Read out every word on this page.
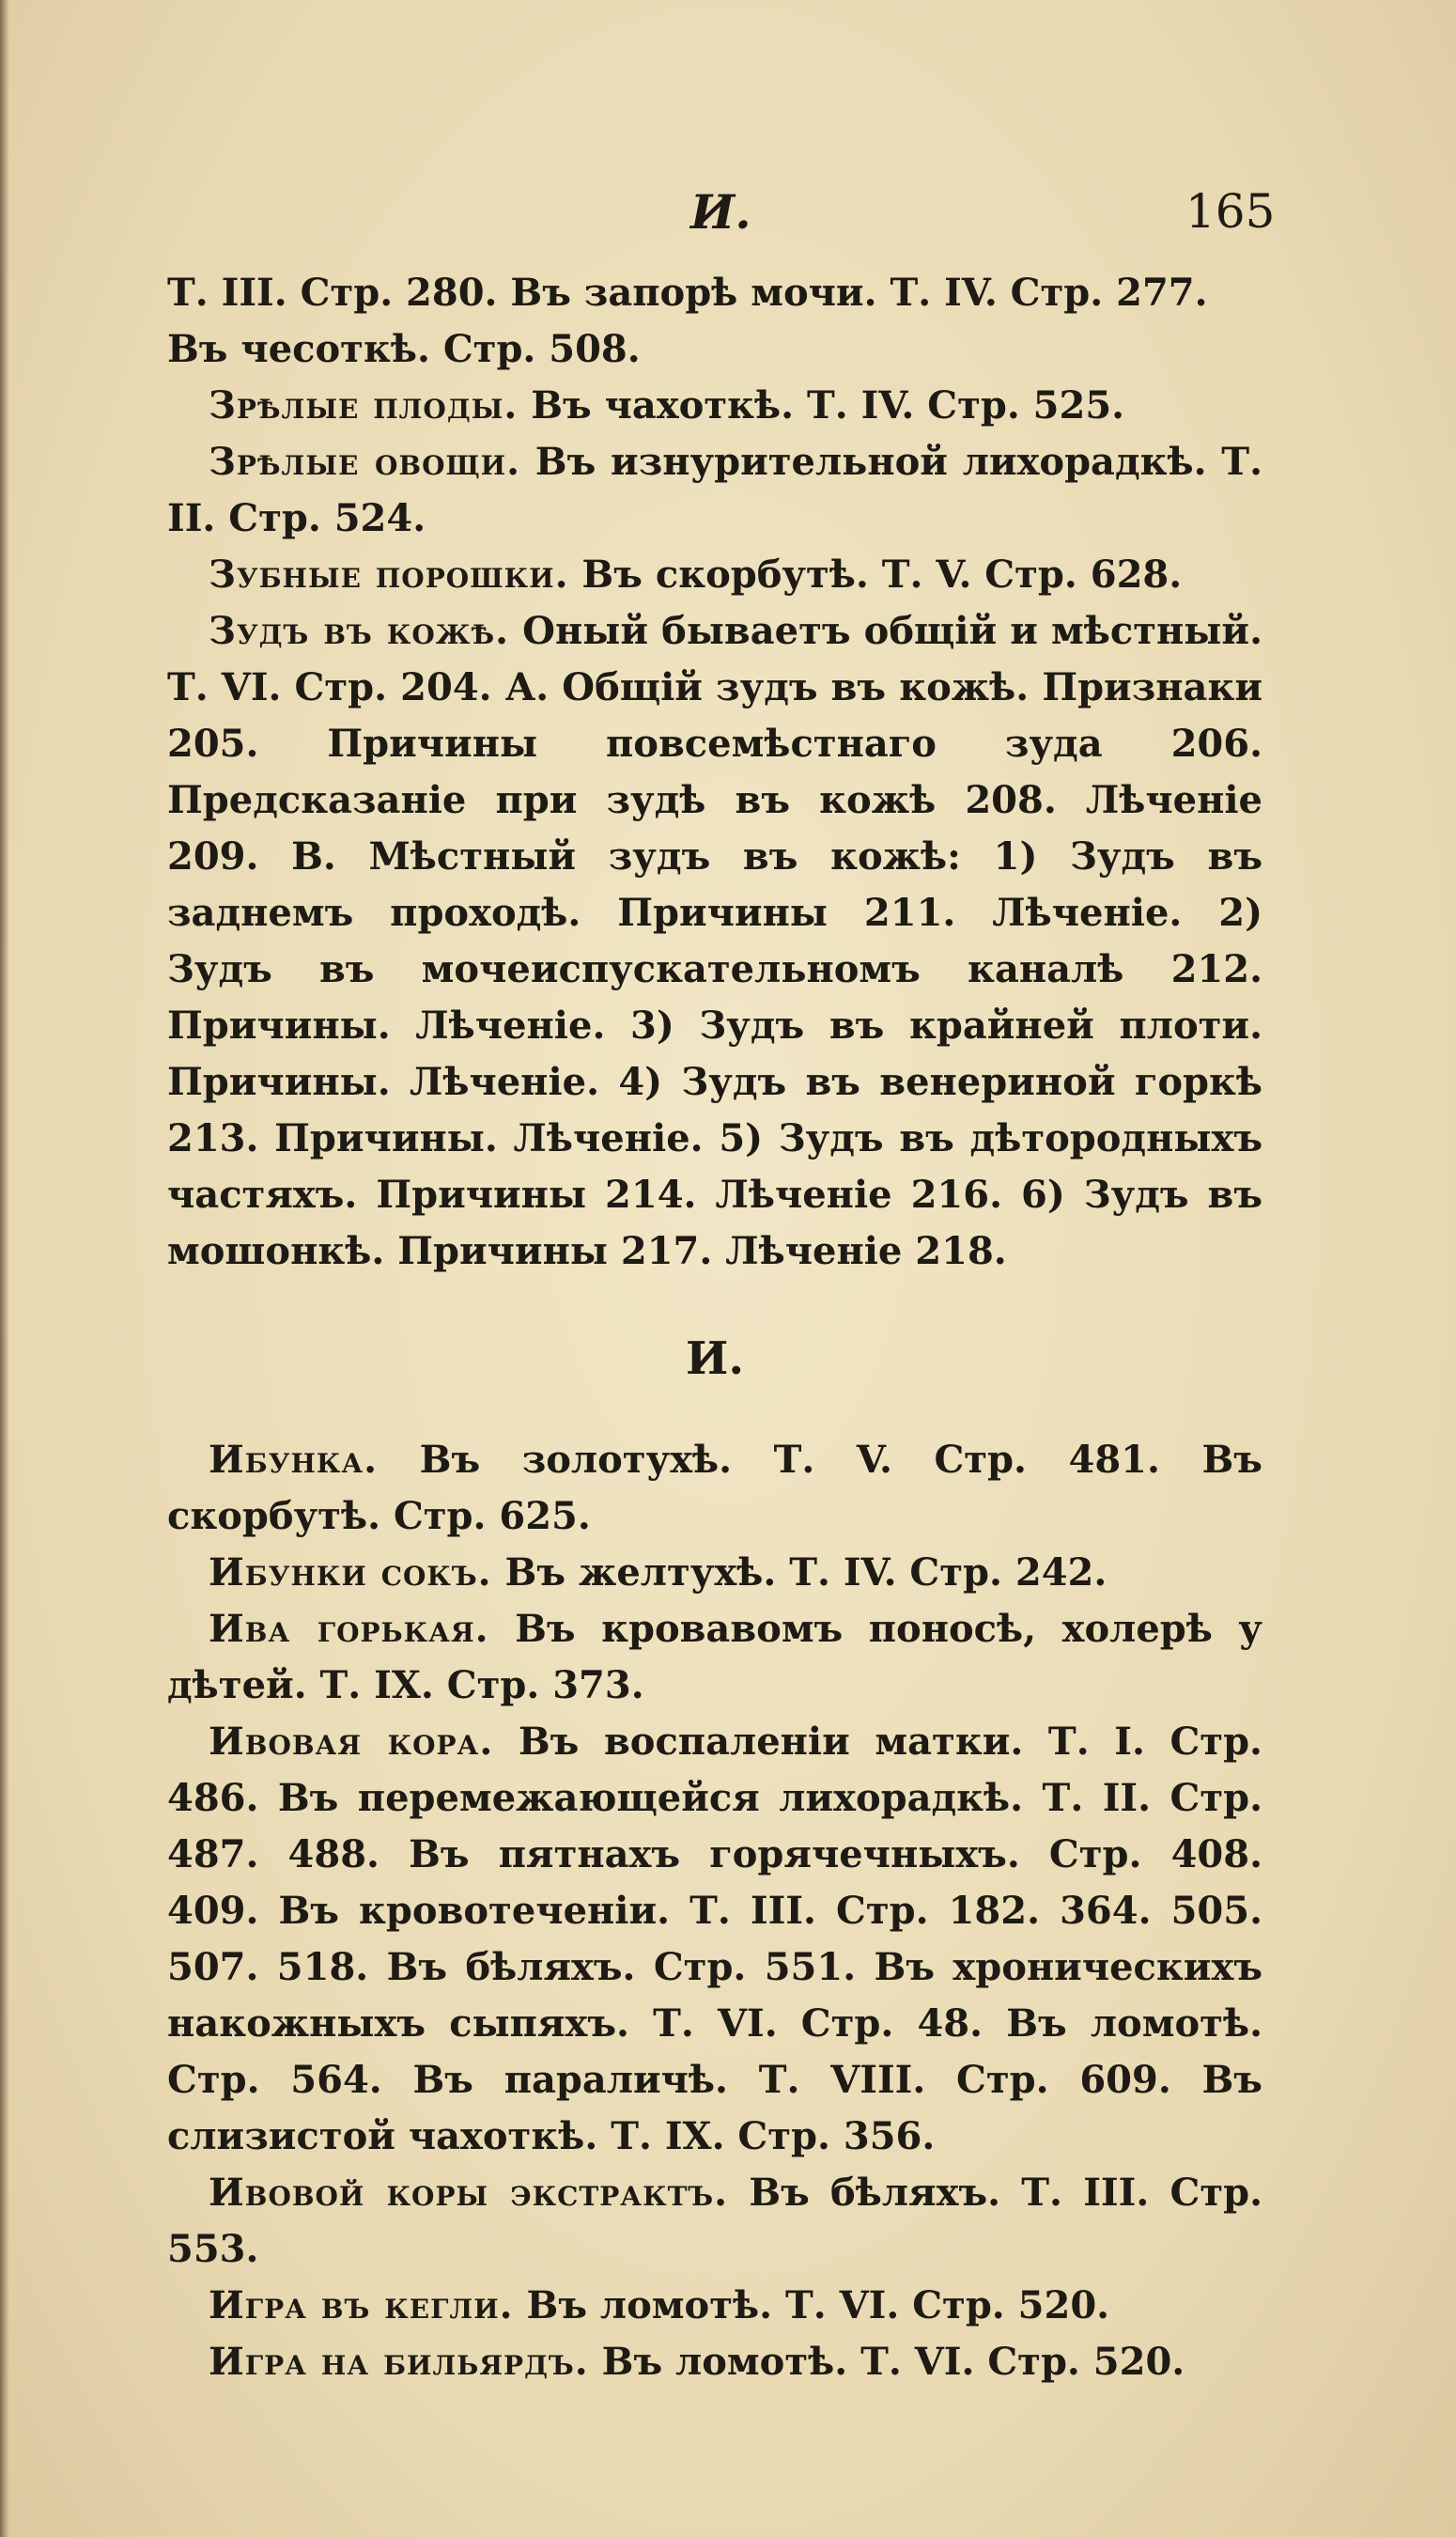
И.	165

Т. III. Стр. 280. Въ запорѣ мочи. Т. IV. Стр. 277.

Въ чесоткѣ. Стр. 508.

Зрѣлые плоды. Въ чахоткѣ. Т. IV. Стр. 525.

Зрѣлые овощи. Въ изнурительной лихорадкѣ. Т. II. Стр. 524.

Зубные порошки. Въ скорбутѣ. Т. V. Стр. 628.

Зудъ въ кожѣ. Оный бываетъ общій и мѣстный. Т. VI. Стр. 204. А. Общій зудъ въ кожѣ. Признаки 205. Причины повсемѣстнаго зуда 206. Предсказаніе при зудѣ въ кожѣ 208. Лѣченіе 209. В. Мѣстный зудъ въ кожѣ: 1) Зудъ въ заднемъ проходѣ. Причины 211. Лѣченіе. 2) Зудъ въ мочеиспускательномъ каналѣ 212. Причины. Лѣченіе. 3) Зудъ въ крайней плоти. Причины. Лѣченіе. 4) Зудъ въ венериной горкѣ 213. Причины. Лѣченіе. 5) Зудъ въ дѣтородныхъ частяхъ. Причины 214. Лѣченіе 216. 6) Зудъ въ мошонкѣ. Причины 217. Лѣченіе 218.

И.

Ибунка. Въ золотухѣ. Т. V. Стр. 481. Въ скорбутѣ. Стр. 625.

Ибунки сокъ. Въ желтухѣ. Т. IV. Стр. 242.

Ива горькая. Въ кровавомъ поносѣ, холерѣ у дѣтей. Т. IX. Стр. 373.

Ивовая кора. Въ воспаленіи матки. Т. I. Стр. 486. Въ перемежающейся лихорадкѣ. Т. II. Стр. 487. 488. Въ пятнахъ горячечныхъ. Стр. 408. 409. Въ кровотеченіи. Т. III. Стр. 182. 364. 505. 507. 518. Въ бѣляхъ. Стр. 551. Въ хроническихъ накожныхъ сыпяхъ. Т. VI. Стр. 48. Въ ломотѣ. Стр. 564. Въ параличѣ. Т. VIII. Стр. 609. Въ слизистой чахоткѣ. Т. IX. Стр. 356.

Ивовой коры экстрактъ. Въ бѣляхъ. Т. III. Стр. 553.

Игра въ кегли. Въ ломотѣ. Т. VI. Стр. 520.

Игра на бильярдъ. Въ ломотѣ. Т. VI. Стр. 520.
